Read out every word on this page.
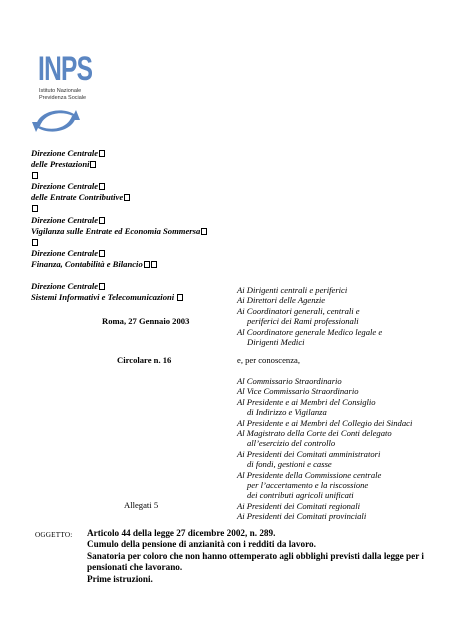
INPS
Istituto Nazionale
Previdenza Sociale
Direzione Centrale
delle Prestazioni
Direzione Centrale
delle Entrate Contributive
Direzione Centrale
Vigilanza sulle Entrate ed Economia Sommersa
Direzione Centrale
Finanza, Contabilità e Bilancio
Direzione Centrale
Sistemi Informativi e Telecomunicazioni
Roma, 27 Gennaio 2003
Circolare n. 16
Allegati 5
Ai Dirigenti centrali e periferici
Ai Direttori delle Agenzie
Ai Coordinatori generali, centrali e
periferici dei Rami professionali
Al Coordinatore generale Medico legale e
Dirigenti Medici
e, per conoscenza,
Al Commissario Straordinario
Al Vice Commissario Straordinario
Al Presidente e ai Membri del Consiglio
di Indirizzo e Vigilanza
Al Presidente e ai Membri del Collegio dei Sindaci
Al Magistrato della Corte dei Conti delegato
all’esercizio del controllo
Ai Presidenti dei Comitati amministratori
di fondi, gestioni e casse
Al Presidente della Commissione centrale
per l’accertamento e la riscossione
dei contributi agricoli unificati
Ai Presidenti dei Comitati regionali
Ai Presidenti dei Comitati provinciali
OGGETTO: Articolo 44 della legge 27 dicembre 2002, n. 289.
Cumulo della pensione di anzianità con i redditi da lavoro.
Sanatoria per coloro che non hanno ottemperato agli obblighi previsti dalla legge per i
pensionati che lavorano.
Prime istruzioni.
